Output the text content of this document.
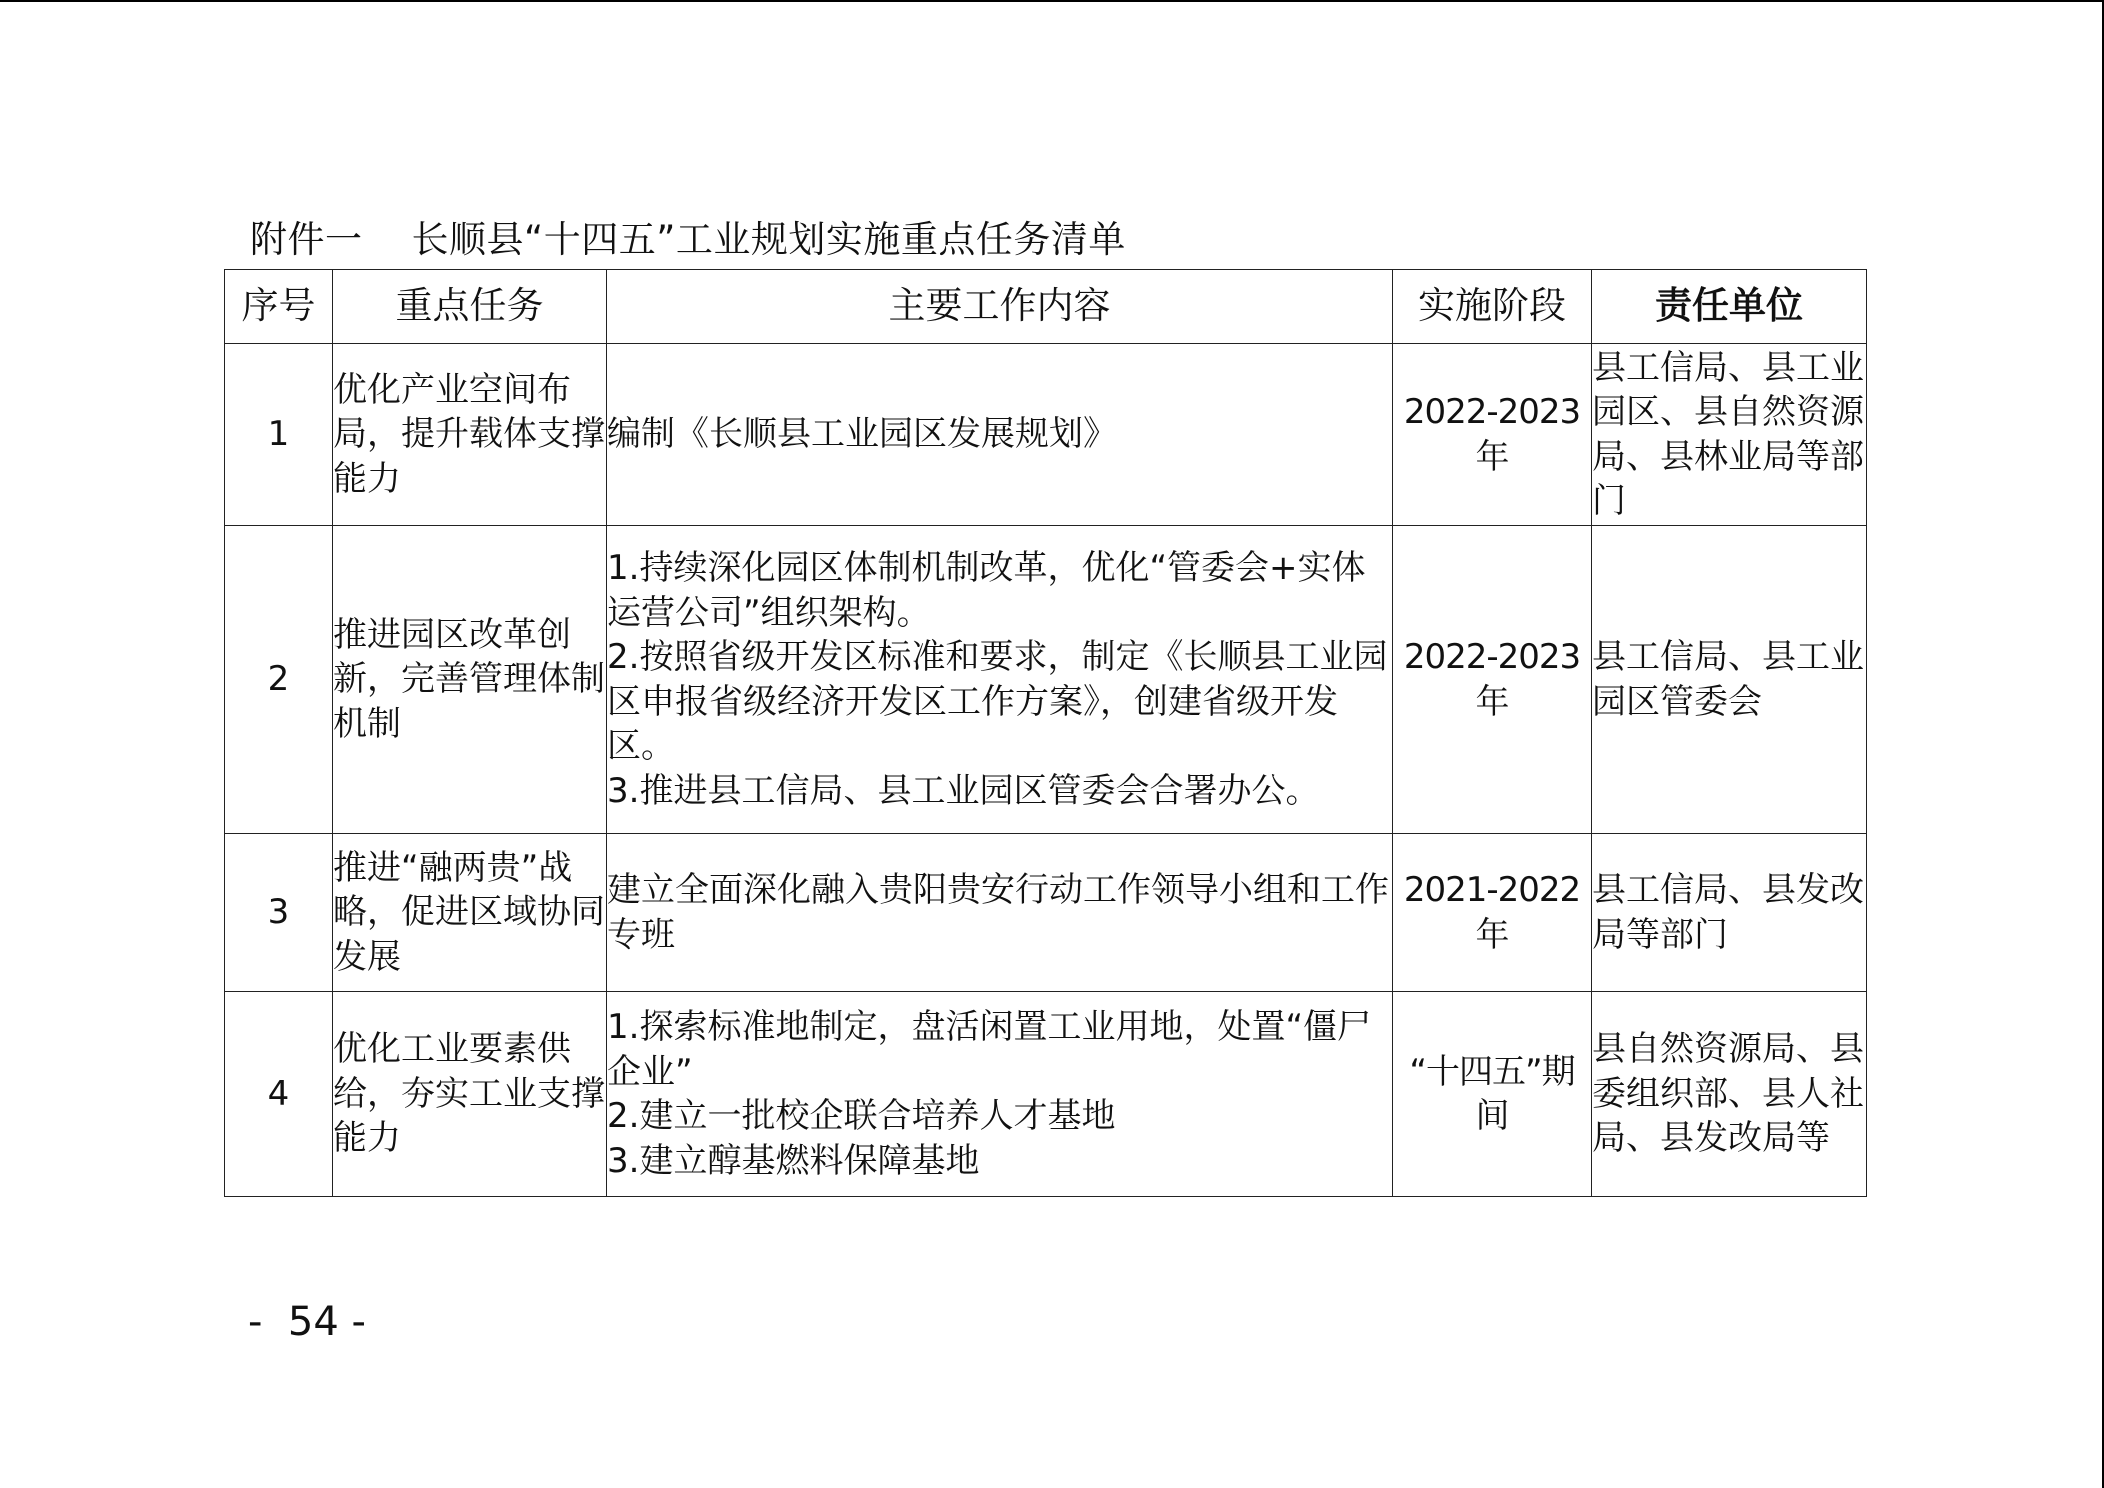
附件一    长顺县“十四五”工业规划实施重点任务清单
序号	重点任务	主要工作内容	实施阶段	责任单位
1	优化产业空间布局，提升载体支撑能力	编制《长顺县工业园区发展规划》	2022-2023年	县工信局、县工业园区、县自然资源局、县林业局等部门
2	推进园区改革创新，完善管理体制机制	1.持续深化园区体制机制改革，优化“管委会+实体运营公司”组织架构。
2.按照省级开发区标准和要求，制定《长顺县工业园区申报省级经济开发区工作方案》，创建省级开发区。
3.推进县工信局、县工业园区管委会合署办公。	2022-2023年	县工信局、县工业园区管委会
3	推进“融两贵”战略，促进区域协同发展	建立全面深化融入贵阳贵安行动工作领导小组和工作专班	2021-2022年	县工信局、县发改局等部门
4	优化工业要素供给，夯实工业支撑能力	1.探索标准地制定，盘活闲置工业用地，处置“僵尸企业”
2.建立一批校企联合培养人才基地
3.建立醇基燃料保障基地	“十四五”期间	县自然资源局、县委组织部、县人社局、县发改局等
-  54 -
